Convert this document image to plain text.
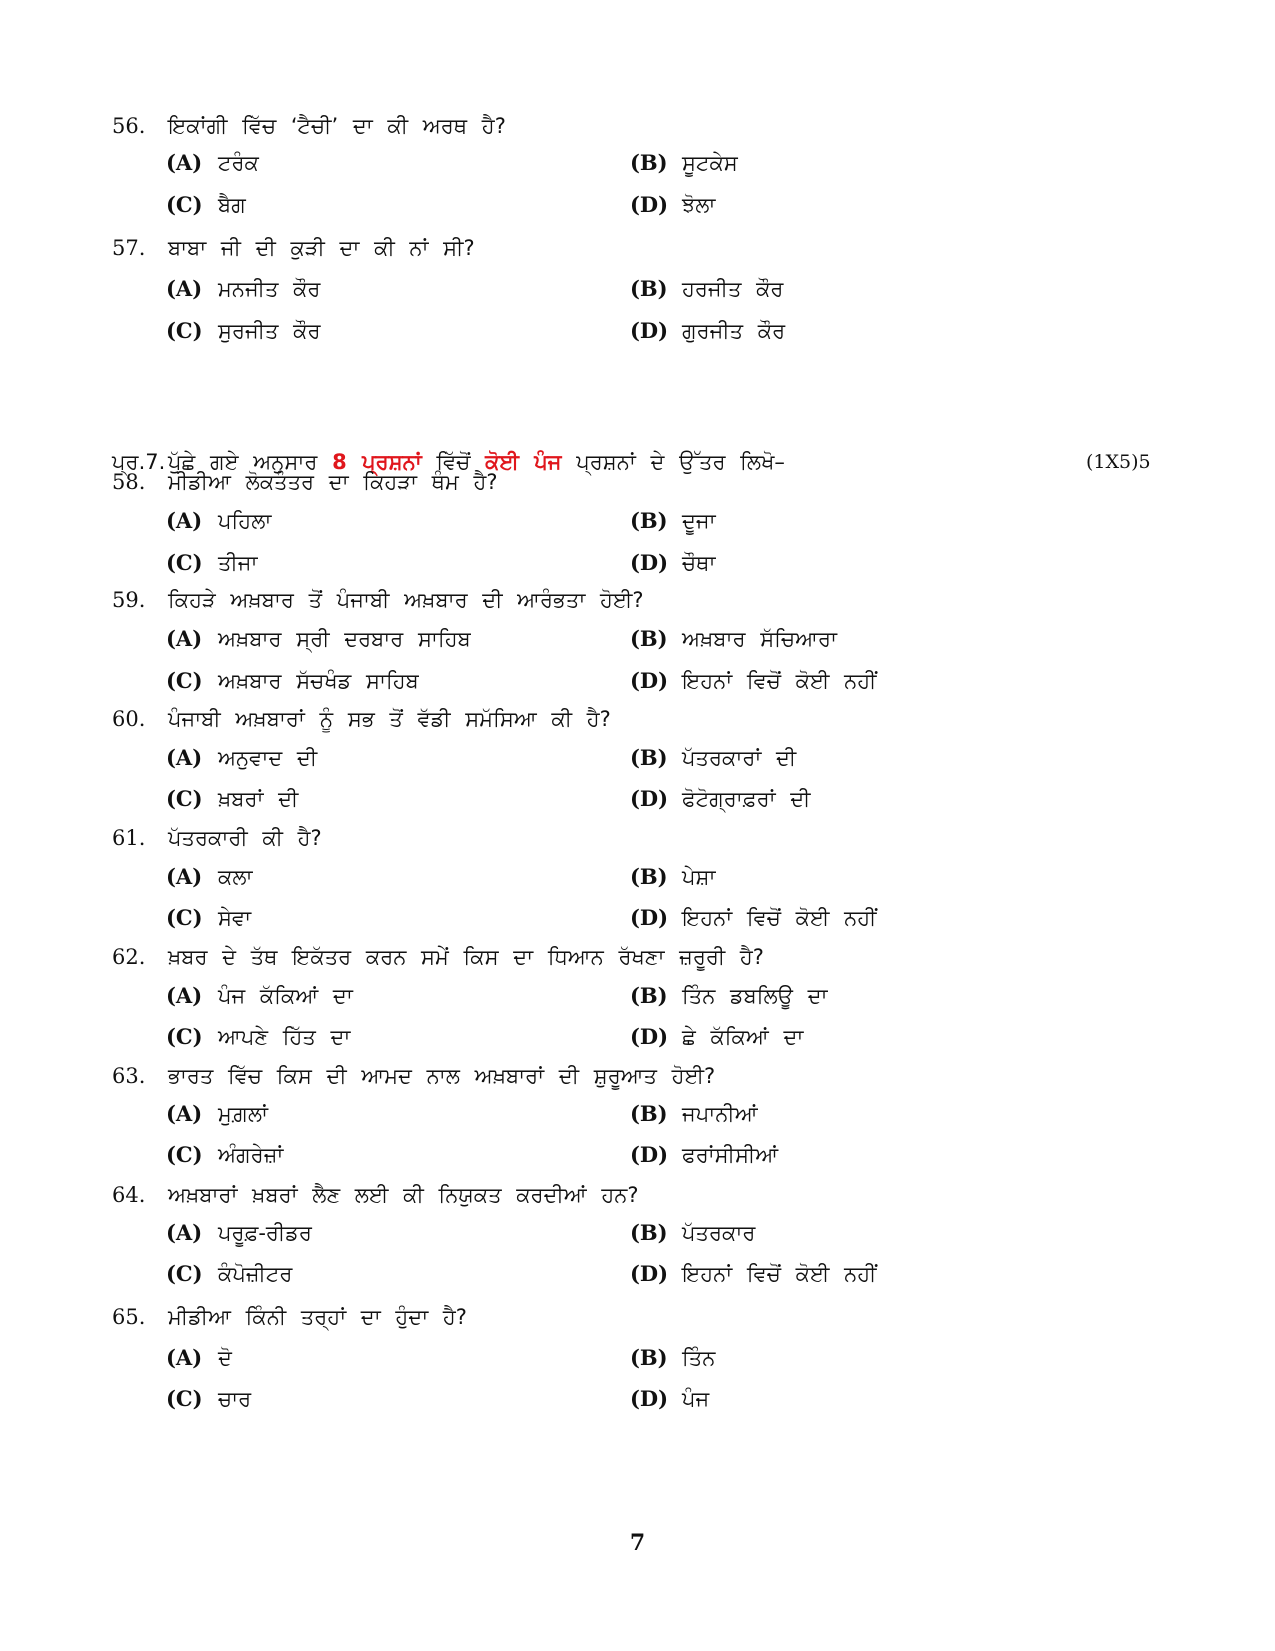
56. ਇਕਾਂਗੀ ਵਿੱਚ ‘ਟੈਚੀ’ ਦਾ ਕੀ ਅਰਥ ਹੈ?
(A) ਟਰੰਕ	(B) ਸੂਟਕੇਸ
(C) ਬੈਗ	(D) ਝੋਲਾ
57. ਬਾਬਾ ਜੀ ਦੀ ਕੁੜੀ ਦਾ ਕੀ ਨਾਂ ਸੀ?
(A) ਮਨਜੀਤ ਕੌਰ	(B) ਹਰਜੀਤ ਕੌਰ
(C) ਸੁਰਜੀਤ ਕੌਰ	(D) ਗੁਰਜੀਤ ਕੌਰ
ਪ੍ਰ.7. ਪੁੱਛੇ ਗਏ ਅਨੁਸਾਰ 8 ਪ੍ਰਸ਼ਨਾਂ ਵਿੱਚੋਂ ਕੋਈ ਪੰਜ ਪ੍ਰਸ਼ਨਾਂ ਦੇ ਉੱਤਰ ਲਿਖੋ–	(1X5)5
58. ਮੀਡੀਆ ਲੋਕਤੰਤਰ ਦਾ ਕਿਹੜਾ ਥੰਮ ਹੈ?
(A) ਪਹਿਲਾ	(B) ਦੂਜਾ
(C) ਤੀਜਾ	(D) ਚੌਥਾ
59. ਕਿਹੜੇ ਅਖ਼ਬਾਰ ਤੋਂ ਪੰਜਾਬੀ ਅਖ਼ਬਾਰ ਦੀ ਆਰੰਭਤਾ ਹੋਈ?
(A) ਅਖ਼ਬਾਰ ਸ੍ਰੀ ਦਰਬਾਰ ਸਾਹਿਬ	(B) ਅਖ਼ਬਾਰ ਸੱਚਿਆਰਾ
(C) ਅਖ਼ਬਾਰ ਸੱਚਖੰਡ ਸਾਹਿਬ	(D) ਇਹਨਾਂ ਵਿਚੋਂ ਕੋਈ ਨਹੀਂ
60. ਪੰਜਾਬੀ ਅਖ਼ਬਾਰਾਂ ਨੂੰ ਸਭ ਤੋਂ ਵੱਡੀ ਸਮੱਸਿਆ ਕੀ ਹੈ?
(A) ਅਨੁਵਾਦ ਦੀ	(B) ਪੱਤਰਕਾਰਾਂ ਦੀ
(C) ਖ਼ਬਰਾਂ ਦੀ	(D) ਫੋਟੋਗ੍ਰਾਫ਼ਰਾਂ ਦੀ
61. ਪੱਤਰਕਾਰੀ ਕੀ ਹੈ?
(A) ਕਲਾ	(B) ਪੇਸ਼ਾ
(C) ਸੇਵਾ	(D) ਇਹਨਾਂ ਵਿਚੋਂ ਕੋਈ ਨਹੀਂ
62. ਖ਼ਬਰ ਦੇ ਤੱਥ ਇਕੱਤਰ ਕਰਨ ਸਮੇਂ ਕਿਸ ਦਾ ਧਿਆਨ ਰੱਖਣਾ ਜ਼ਰੂਰੀ ਹੈ?
(A) ਪੰਜ ਕੱਕਿਆਂ ਦਾ	(B) ਤਿੰਨ ਡਬਲਿਊ ਦਾ
(C) ਆਪਣੇ ਹਿੱਤ ਦਾ	(D) ਛੇ ਕੱਕਿਆਂ ਦਾ
63. ਭਾਰਤ ਵਿੱਚ ਕਿਸ ਦੀ ਆਮਦ ਨਾਲ ਅਖ਼ਬਾਰਾਂ ਦੀ ਸ਼ੁਰੂਆਤ ਹੋਈ?
(A) ਮੁਗ਼ਲਾਂ	(B) ਜਪਾਨੀਆਂ
(C) ਅੰਗਰੇਜ਼ਾਂ	(D) ਫਰਾਂਸੀਸੀਆਂ
64. ਅਖ਼ਬਾਰਾਂ ਖ਼ਬਰਾਂ ਲੈਣ ਲਈ ਕੀ ਨਿਯੁਕਤ ਕਰਦੀਆਂ ਹਨ?
(A) ਪਰੂਫ਼-ਰੀਡਰ	(B) ਪੱਤਰਕਾਰ
(C) ਕੰਪੋਜ਼ੀਟਰ	(D) ਇਹਨਾਂ ਵਿਚੋਂ ਕੋਈ ਨਹੀਂ
65. ਮੀਡੀਆ ਕਿੰਨੀ ਤਰ੍ਹਾਂ ਦਾ ਹੁੰਦਾ ਹੈ?
(A) ਦੋ	(B) ਤਿੰਨ
(C) ਚਾਰ	(D) ਪੰਜ
7
